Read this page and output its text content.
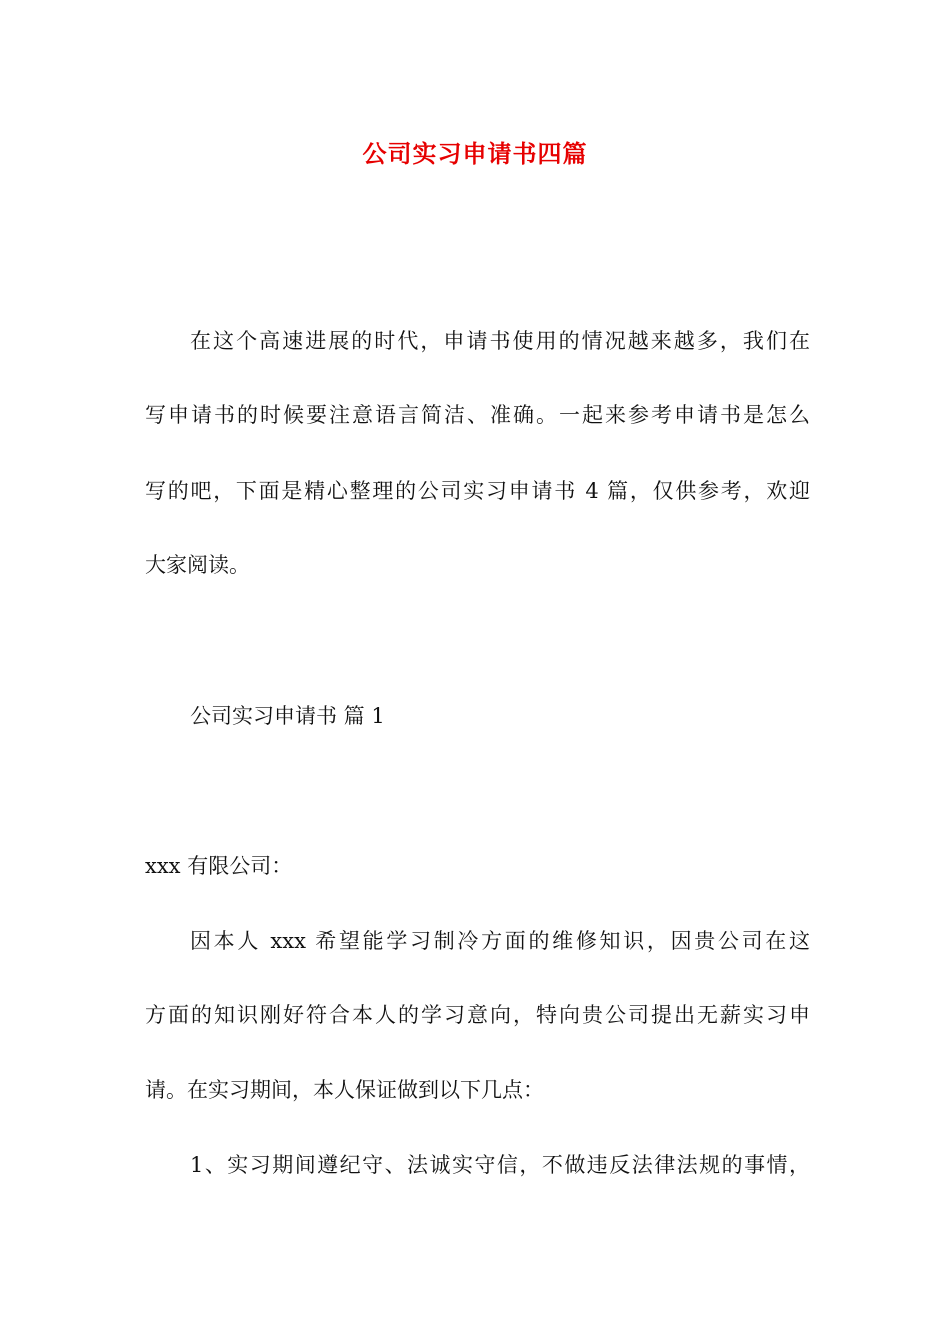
公司实习申请书四篇
在这个高速进展的时代，申请书使用的情况越来越多，我们在
写申请书的时候要注意语言简洁、准确。一起来参考申请书是怎么
写的吧，下面是精心整理的公司实习申请书 4 篇，仅供参考，欢迎
大家阅读。
公司实习申请书 篇 1
xxx 有限公司：
因本人 xxx 希望能学习制冷方面的维修知识，因贵公司在这
方面的知识刚好符合本人的学习意向，特向贵公司提出无薪实习申
请。在实习期间，本人保证做到以下几点：
1、实习期间遵纪守、法诚实守信，不做违反法律法规的事情，
